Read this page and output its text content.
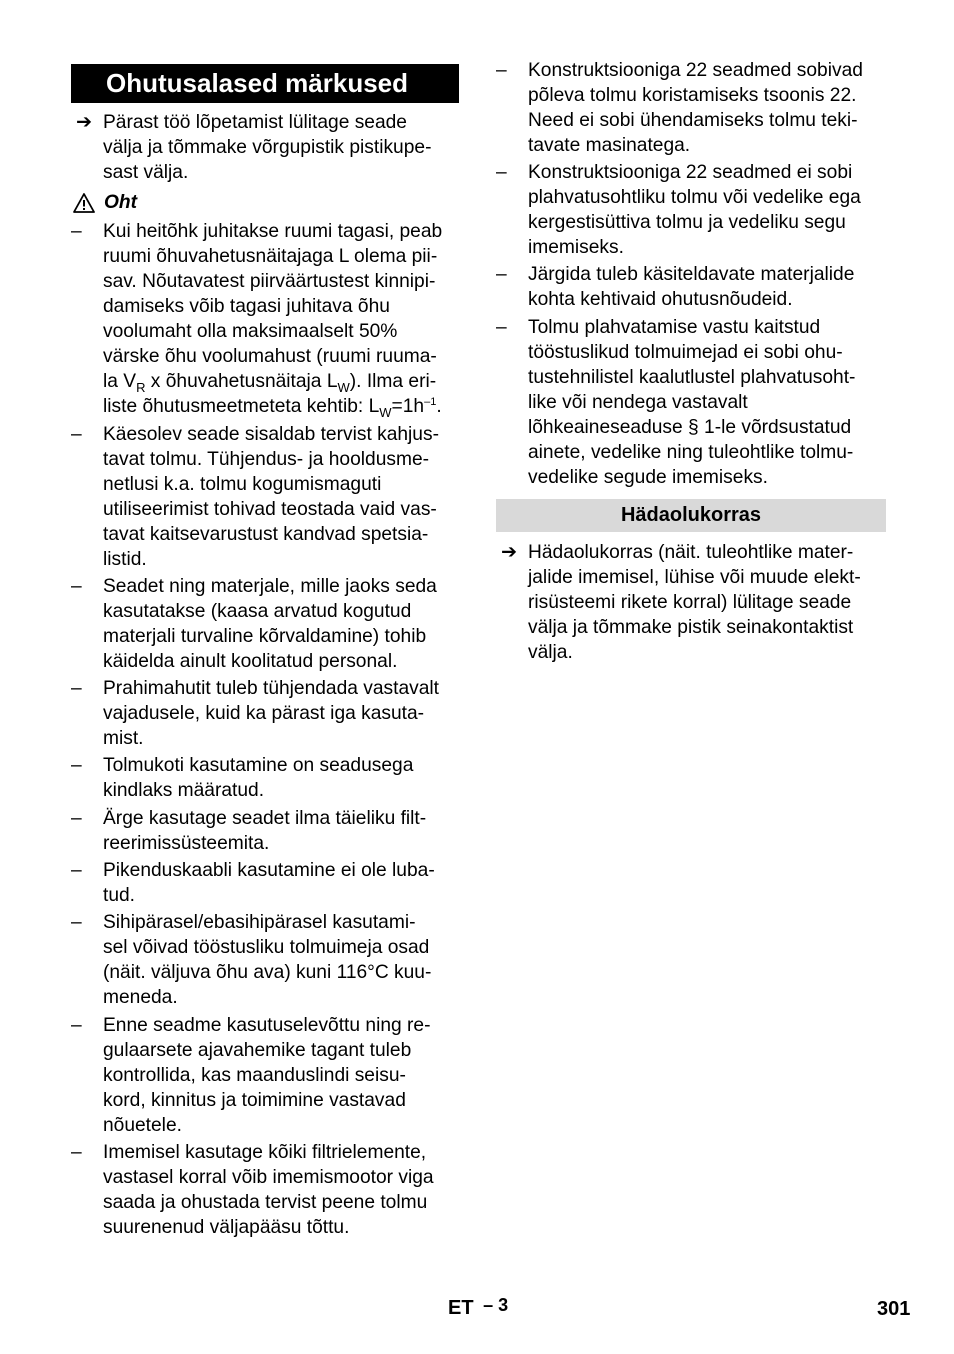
Ohutusalased märkused
➔ Pärast töö lõpetamist lülitage seade
välja ja tõmmake võrgupistik pistikupe-
sast välja.
Oht
–	Kui heitõhk juhitakse ruumi tagasi, peab
ruumi õhuvahetusnäitajaga L olema pii-
sav. Nõutavatest piirväärtustest kinnipi-
damiseks võib tagasi juhitava õhu
voolumaht olla maksimaalselt 50%
värske õhu voolumahust (ruumi ruuma-
la $V_R$ x õhuvahetusnäitaja $L_W$). Ilma eri-
liste õhutusmeetmeteta kehtib: $L_W=1h^{-1}$.
–	Käesolev seade sisaldab tervist kahjus-
tavat tolmu. Tühjendus- ja hooldusme-
netlusi k.a. tolmu kogumismaguti
utiliseerimist tohivad teostada vaid vas-
tavat kaitsevarustust kandvad spetsia-
listid.
–	Seadet ning materjale, mille jaoks seda
kasutatakse (kaasa arvatud kogutud
materjali turvaline kõrvaldamine) tohib
käidelda ainult koolitatud personal.
–	Prahimahutit tuleb tühjendada vastavalt
vajadusele, kuid ka pärast iga kasuta-
mist.
–	Tolmukoti kasutamine on seadusega
kindlaks määratud.
–	Ärge kasutage seadet ilma täieliku filt-
reerimissüsteemita.
–	Pikenduskaabli kasutamine ei ole luba-
tud.
–	Sihipärasel/ebasihipärasel kasutami-
sel võivad tööstusliku tolmuimeja osad
(näit. väljuva õhu ava) kuni 116°C kuu-
meneda.
–	Enne seadme kasutuselevõttu ning re-
gulaarsete ajavahemike tagant tuleb
kontrollida, kas maanduslindi seisu-
kord, kinnitus ja toimimine vastavad
nõuetele.
–	Imemisel kasutage kõiki filtrielemente,
vastasel korral võib imemismootor viga
saada ja ohustada tervist peene tolmu
suurenenud väljapääsu tõttu.
–	Konstruktsiooniga 22 seadmed sobivad
põleva tolmu koristamiseks tsoonis 22.
Need ei sobi ühendamiseks tolmu teki-
tavate masinatega.
–	Konstruktsiooniga 22 seadmed ei sobi
plahvatusohtliku tolmu või vedelike ega
kergestisüttiva tolmu ja vedeliku segu
imemiseks.
–	Järgida tuleb käsiteldavate materjalide
kohta kehtivaid ohutusnõudeid.
–	Tolmu plahvatamise vastu kaitstud
tööstuslikud tolmuimejad ei sobi ohu-
tustehnilistel kaalutlustel plahvatusoht-
like või nendega vastavalt
lõhkeaineseaduse § 1-le võrdsustatud
ainete, vedelike ning tuleohtlike tolmu-
vedelike segude imemiseks.
Hädaolukorras
➔ Hädaolukorras (näit. tuleohtlike mater-
jalide imemisel, lühise või muude elekt-
risüsteemi rikete korral) lülitage seade
välja ja tõmmake pistik seinakontaktist
välja.
ET – 3	301
